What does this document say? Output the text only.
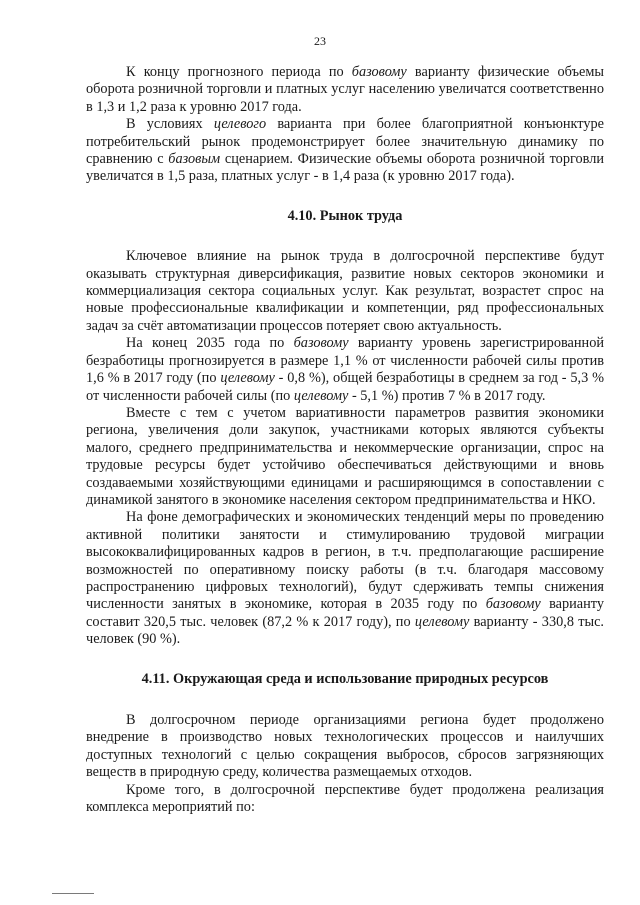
23

К концу прогнозного периода по базовому варианту физические объемы оборота розничной торговли и платных услуг населению увеличатся соответственно в 1,3 и 1,2 раза к уровню 2017 года.

В условиях целевого варианта при более благоприятной конъюнктуре потребительский рынок продемонстрирует более значительную динамику по сравнению с базовым сценарием. Физические объемы оборота розничной торговли увеличатся в 1,5 раза, платных услуг - в 1,4 раза (к уровню 2017 года).

4.10. Рынок труда

Ключевое влияние на рынок труда в долгосрочной перспективе будут оказывать структурная диверсификация, развитие новых секторов экономики и коммерциализация сектора социальных услуг. Как результат, возрастет спрос на новые профессиональные квалификации и компетенции, ряд профессиональных задач за счёт автоматизации процессов потеряет свою актуальность.

На конец 2035 года по базовому варианту уровень зарегистрированной безработицы прогнозируется в размере 1,1 % от численности рабочей силы против 1,6 % в 2017 году (по целевому - 0,8 %), общей безработицы в среднем за год - 5,3 % от численности рабочей силы (по целевому - 5,1 %) против 7 % в 2017 году.

Вместе с тем с учетом вариативности параметров развития экономики региона, увеличения доли закупок, участниками которых являются субъекты малого, среднего предпринимательства и некоммерческие организации, спрос на трудовые ресурсы будет устойчиво обеспечиваться действующими и вновь создаваемыми хозяйствующими единицами и расширяющимся в сопоставлении с динамикой занятого в экономике населения сектором предпринимательства и НКО.

На фоне демографических и экономических тенденций меры по проведению активной политики занятости и стимулированию трудовой миграции высококвалифицированных кадров в регион, в т.ч. предполагающие расширение возможностей по оперативному поиску работы (в т.ч. благодаря массовому распространению цифровых технологий), будут сдерживать темпы снижения численности занятых в экономике, которая в 2035 году по базовому варианту составит 320,5 тыс. человек (87,2 % к 2017 году), по целевому варианту - 330,8 тыс. человек (90 %).

4.11. Окружающая среда и использование природных ресурсов

В долгосрочном периоде организациями региона будет продолжено внедрение в производство новых технологических процессов и наилучших доступных технологий с целью сокращения выбросов, сбросов загрязняющих веществ в природную среду, количества размещаемых отходов.

Кроме того, в долгосрочной перспективе будет продолжена реализация комплекса мероприятий по:
